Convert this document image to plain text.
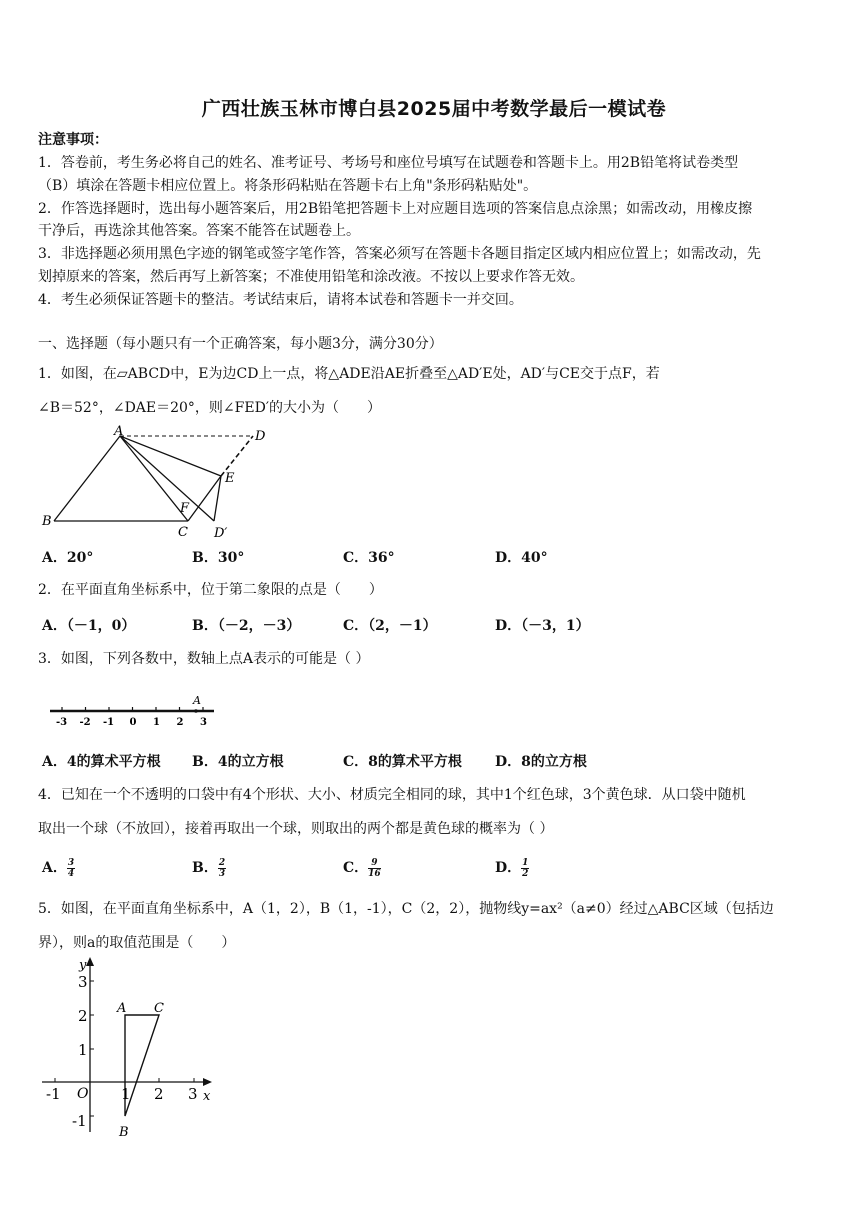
广西壮族玉林市博白县2025届中考数学最后一模试卷
注意事项：
1．答卷前，考生务必将自己的姓名、准考证号、考场号和座位号填写在试题卷和答题卡上。用2B铅笔将试卷类型
（B）填涂在答题卡相应位置上。将条形码粘贴在答题卡右上角"条形码粘贴处"。
2．作答选择题时，选出每小题答案后，用2B铅笔把答题卡上对应题目选项的答案信息点涂黑；如需改动，用橡皮擦
干净后，再选涂其他答案。答案不能答在试题卷上。
3．非选择题必须用黑色字迹的钢笔或签字笔作答，答案必须写在答题卡各题目指定区域内相应位置上；如需改动，先
划掉原来的答案，然后再写上新答案；不准使用铅笔和涂改液。不按以上要求作答无效。
4．考生必须保证答题卡的整洁。考试结束后，请将本试卷和答题卡一并交回。
一、选择题（每小题只有一个正确答案，每小题3分，满分30分）
1．如图，在▱ABCD中，E为边CD上一点，将△ADE沿AE折叠至△AD′E处，AD′与CE交于点F，若
∠B＝52°，∠DAE＝20°，则∠FED′的大小为（　　）
A
B
C
D
E
F
D′
A．20°	B．30°	C．36°	D．40°
2．在平面直角坐标系中，位于第二象限的点是（　　）
A．（－1，0）	B．（－2，－3）	C．（2，－1）	D．（－3，1）
3．如图，下列各数中，数轴上点A表示的可能是（ ）
-3 -2 -1 0 1 2 3
A
A．4的算术平方根 B．4的立方根	C．8的算术平方根 D．8的立方根
4．已知在一个不透明的口袋中有4个形状、大小、材质完全相同的球，其中1个红色球，3个黄色球．从口袋中随机
取出一个球（不放回），接着再取出一个球，则取出的两个都是黄色球的概率为（ ）
A． $\frac{3}{4}$	B． $\frac{2}{3}$	C． $\frac{9}{16}$	D． $\frac{1}{2}$
5．如图，在平面直角坐标系中，A（1，2），B（1，-1），C（2，2），抛物线y=ax²（a≠0）经过△ABC区域（包括边
界），则a的取值范围是（　　）
y
x
O
-1	1 2 3
3
2
1
-1
A C
B
